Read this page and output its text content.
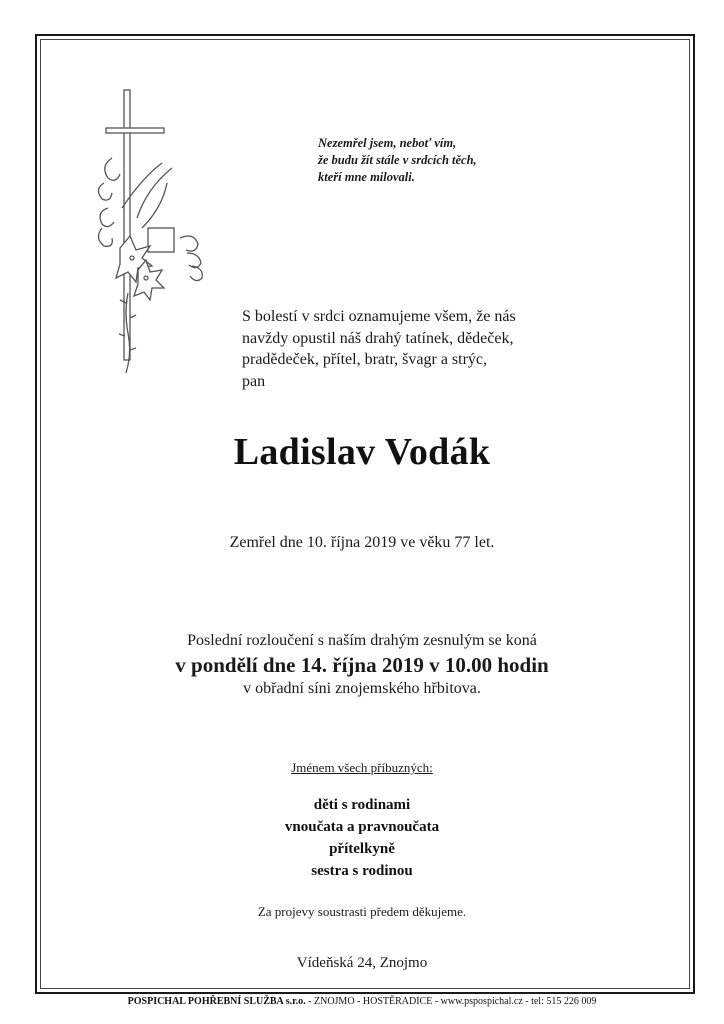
Nezemřel jsem, neboť vím,
že budu žít stále v srdcích těch,
kteří mne milovali.
S bolestí v srdci oznamujeme všem, že nás
navždy opustil náš drahý tatínek, dědeček,
pradědeček, přítel, bratr, švagr a strýc,
pan
Ladislav Vodák
Zemřel dne 10. října 2019 ve věku 77 let.
Poslední rozloučení s naším drahým zesnulým se koná
v pondělí dne 14. října 2019 v 10.00 hodin
v obřadní síni znojemského hřbitova.
Jménem všech příbuzných:
děti s rodinami
vnoučata a pravnoučata
přítelkyně
sestra s rodinou
Za projevy soustrasti předem děkujeme.
Vídeňská 24, Znojmo
POSPICHAL POHŘEBNÍ SLUŽBA s.r.o. - ZNOJMO - HOSTĚRADICE - www.pspospichal.cz - tel: 515 226 009
